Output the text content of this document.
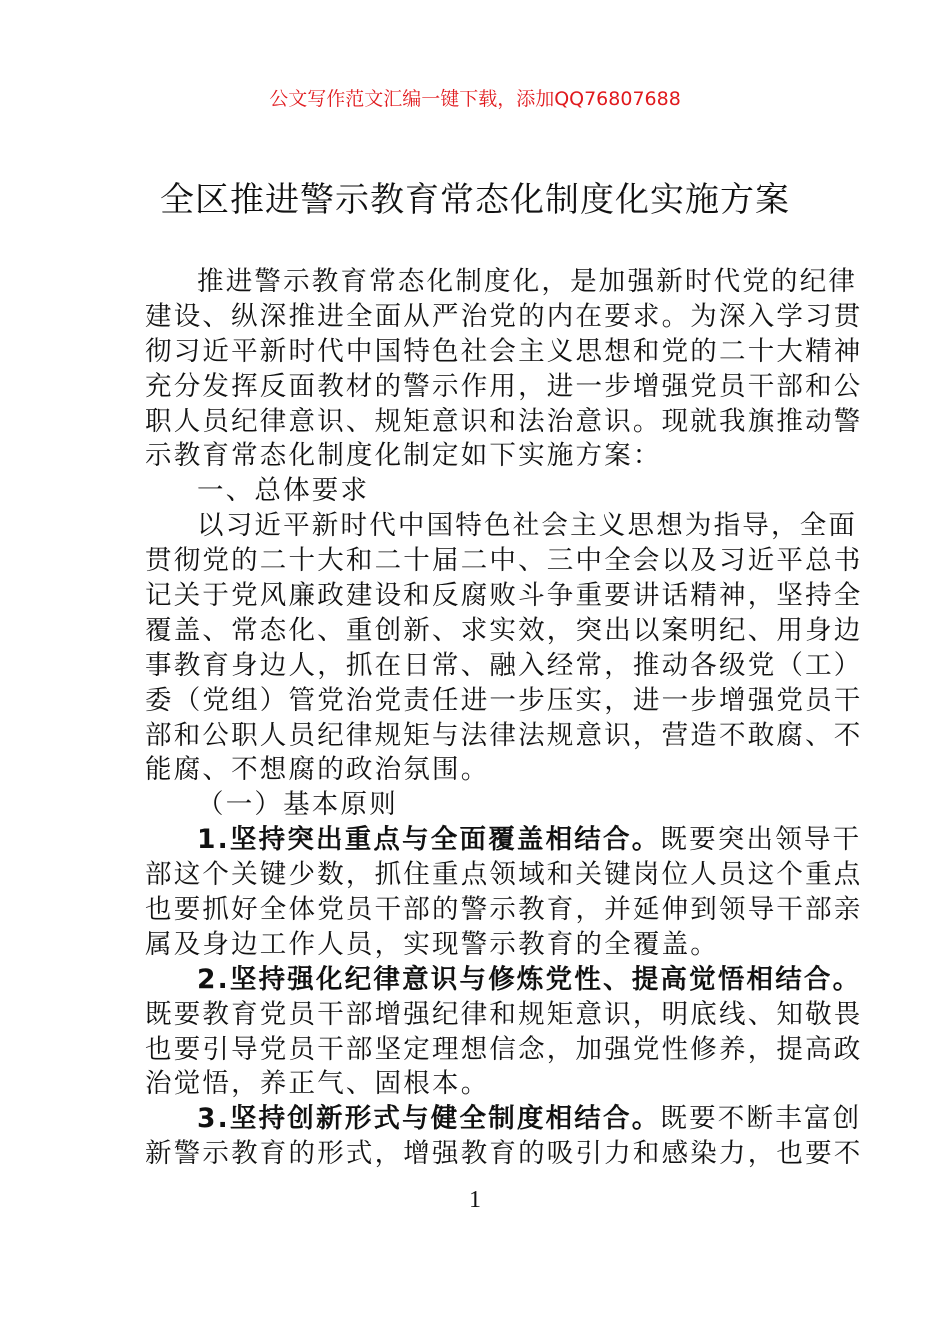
公文写作范文汇编一键下载，添加QQ76807688
全区推进警示教育常态化制度化实施方案
推进警示教育常态化制度化，是加强新时代党的纪律
建设、纵深推进全面从严治党的内在要求。为深入学习贯
彻习近平新时代中国特色社会主义思想和党的二十大精神
充分发挥反面教材的警示作用，进一步增强党员干部和公
职人员纪律意识、规矩意识和法治意识。现就我旗推动警
示教育常态化制度化制定如下实施方案：
一、总体要求
以习近平新时代中国特色社会主义思想为指导，全面
贯彻党的二十大和二十届二中、三中全会以及习近平总书
记关于党风廉政建设和反腐败斗争重要讲话精神，坚持全
覆盖、常态化、重创新、求实效，突出以案明纪、用身边
事教育身边人，抓在日常、融入经常，推动各级党（工）
委（党组）管党治党责任进一步压实，进一步增强党员干
部和公职人员纪律规矩与法律法规意识，营造不敢腐、不
能腐、不想腐的政治氛围。
（一）基本原则
1.坚持突出重点与全面覆盖相结合。既要突出领导干
部这个关键少数，抓住重点领域和关键岗位人员这个重点
也要抓好全体党员干部的警示教育，并延伸到领导干部亲
属及身边工作人员，实现警示教育的全覆盖。
2.坚持强化纪律意识与修炼党性、提高觉悟相结合。
既要教育党员干部增强纪律和规矩意识，明底线、知敬畏
也要引导党员干部坚定理想信念，加强党性修养，提高政
治觉悟，养正气、固根本。
3.坚持创新形式与健全制度相结合。既要不断丰富创
新警示教育的形式，增强教育的吸引力和感染力，也要不
1
